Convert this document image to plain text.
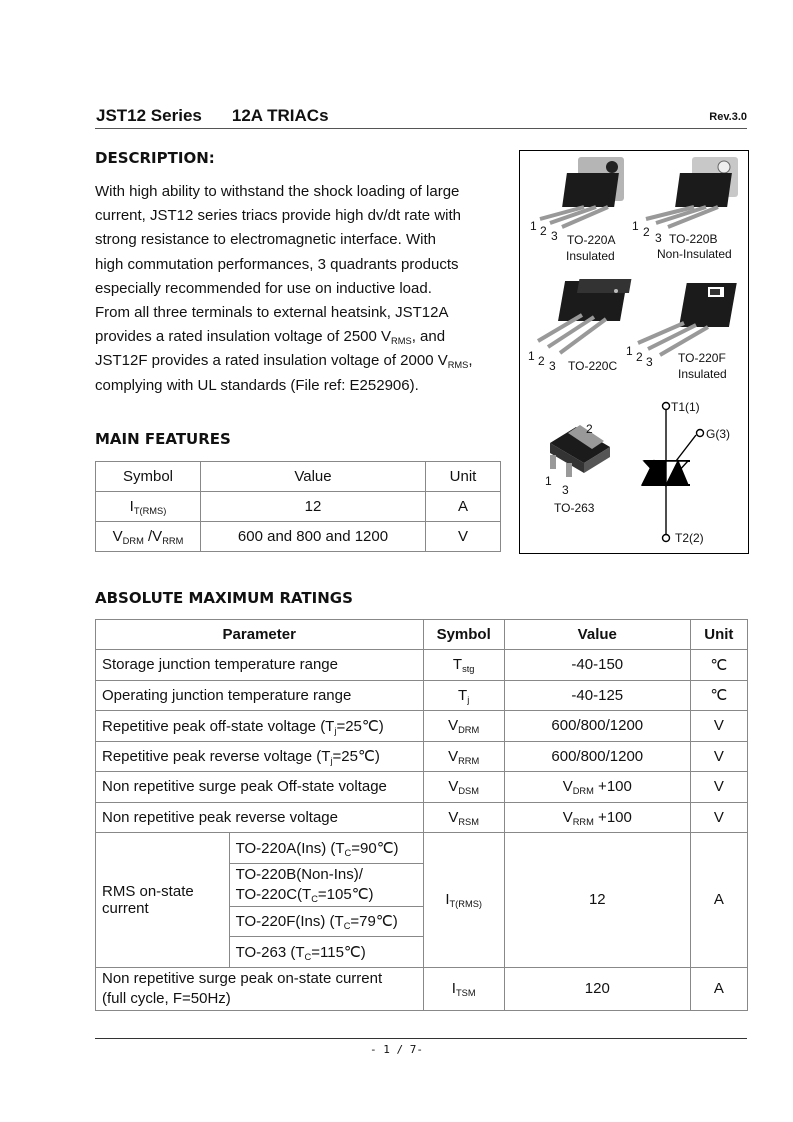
JST12 Series 12A TRIACs	Rev.3.0
DESCRIPTION:

With high ability to withstand the shock loading of large

current, JST12 series triacs provide high dv/dt rate with

strong resistance to electromagnetic interface. With

high commutation performances, 3 quadrants products

especially recommended for use on inductive load.

From all three terminals to external heatsink, JST12A

provides a rated insulation voltage of 2500 $V_{RMS}$, and

JST12F provides a rated insulation voltage of 2000 $V_{RMS}$,

complying with UL standards (File ref: E252906).

1 2 3 TO-220A
Insulated
1 2 3 TO-220B
Non-Insulated
1 2 3 TO-220C
1 2 3 TO-220F
Insulated
2
1
3
TO-263
T1(1)
G(3)
T2(2)
MAIN FEATURES
Symbol	Value	Unit
$I_{T(RMS)}$	12	A
$V_{DRM}$ $/V_{RRM}$	600 and 800 and 1200	V
ABSOLUTE MAXIMUM RATINGS
Parameter		Symbol	Value	Unit
Storage junction temperature range		$T_{stg}$	-40-150	℃
Operating junction temperature range		$T_j$	-40-125	℃
Repetitive peak off-state voltage $(T_j=25℃)$		$V_{DRM}$	600/800/1200	V
Repetitive peak reverse voltage $(T_j=25℃)$		$V_{RRM}$	600/800/1200	V
Non repetitive surge peak Off-state voltage		$V_{DSM}$	$V_{DRM} +100$	V
Non repetitive peak reverse voltage		$V_{RSM}$	$V_{RRM} +100$	V
RMS on-state
current	TO-220A(Ins) $(T_C=90℃)$	$I_{T(RMS)}$	12	A
	TO-220B(Non-Ins)/
$TO-220C(T_C=105℃)$			
	TO-220F(Ins) $(T_C=79℃)$			
	TO-263 $(T_C=115℃)$			
Non repetitive surge peak on-state current
(full cycle, F=50Hz)		$I_{TSM}$	120	A
- 1 / 7-
